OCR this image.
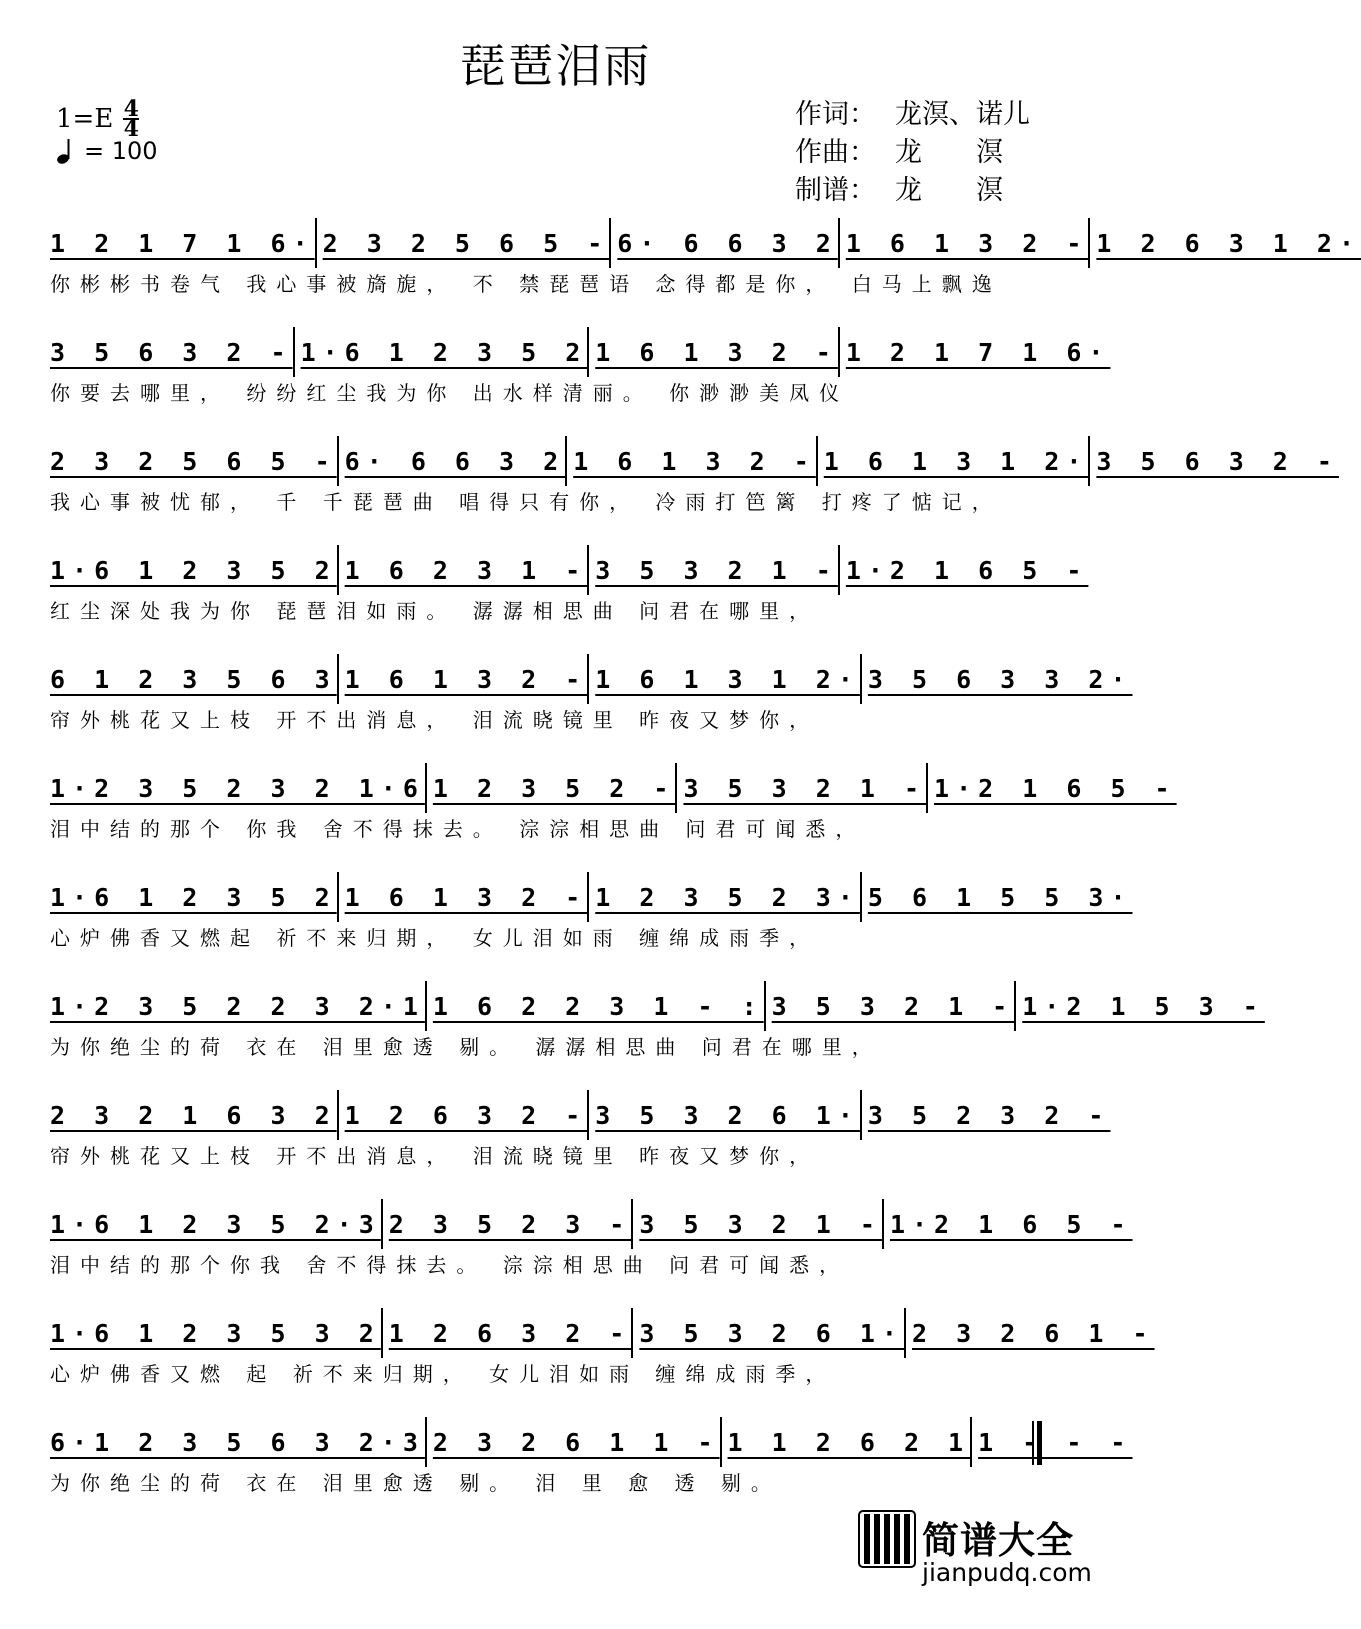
琵琶泪雨
1=E 4
4
= 100
作词： 龙溟、诺儿
作曲： 龙　　溟
制谱： 龙　　溟
1 2 1 7 1 6· 2 3 2 5 6 5 - 6· 6 6 3 2 1 6 1 3 2 - 1 2 6 3 1 2·
你彬彬书卷气 我心事被旖旎， 不 禁琵琶语 念得都是你， 白马上飘逸
3 5 6 3 2 - 1·6 1 2 3 5 2 1 6 1 3 2 - 1 2 1 7 1 6·
你要去哪里， 纷纷红尘我为你 出水样清丽。 你渺渺美凤仪
2 3 2 5 6 5 - 6· 6 6 3 2 1 6 1 3 2 - 1 6 1 3 1 2· 3 5 6 3 2 -
我心事被忧郁， 千 千琵琶曲 唱得只有你， 冷雨打笆篱 打疼了惦记，
1·6 1 2 3 5 2 1 6 2 3 1 - 3 5 3 2 1 - 1·2 1 6 5 -
红尘深处我为你 琵琶泪如雨。 潺潺相思曲 问君在哪里，
6 1 2 3 5 6 3 1 6 1 3 2 - 1 6 1 3 1 2· 3 5 6 3 3 2·
帘外桃花又上枝 开不出消息， 泪流晓镜里 昨夜又梦你，
1·2 3 5 2 3 2 1·6 1 2 3 5 2 - 3 5 3 2 1 - 1·2 1 6 5 -
泪中结的那个 你我 舍不得抹去。 淙淙相思曲 问君可闻悉，
1·6 1 2 3 5 2 1 6 1 3 2 - 1 2 3 5 2 3· 5 6 1 5 5 3·
心炉佛香又燃起 祈不来归期， 女儿泪如雨 缠绵成雨季，
1·2 3 5 2 2 3 2·1 1 6 2 2 3 1 - : 3 5 3 2 1 - 1·2 1 5 3 -
为你绝尘的荷 衣在 泪里愈透 剔。 潺潺相思曲 问君在哪里，
2 3 2 1 6 3 2 1 2 6 3 2 - 3 5 3 2 6 1· 3 5 2 3 2 -
帘外桃花又上枝 开不出消息， 泪流晓镜里 昨夜又梦你，
1·6 1 2 3 5 2·3 2 3 5 2 3 - 3 5 3 2 1 - 1·2 1 6 5 -
泪中结的那个你我 舍不得抹去。 淙淙相思曲 问君可闻悉，
1·6 1 2 3 5 3 2 1 2 6 3 2 - 3 5 3 2 6 1· 2 3 2 6 1 -
心炉佛香又燃 起 祈不来归期， 女儿泪如雨 缠绵成雨季，
6·1 2 3 5 6 3 2·3 2 3 2 6 1 1 - 1 1 2 6 2 1 1 - - -
为你绝尘的荷 衣在 泪里愈透 剔。 泪 里 愈 透 剔。
简谱大全
jianpudq.com
